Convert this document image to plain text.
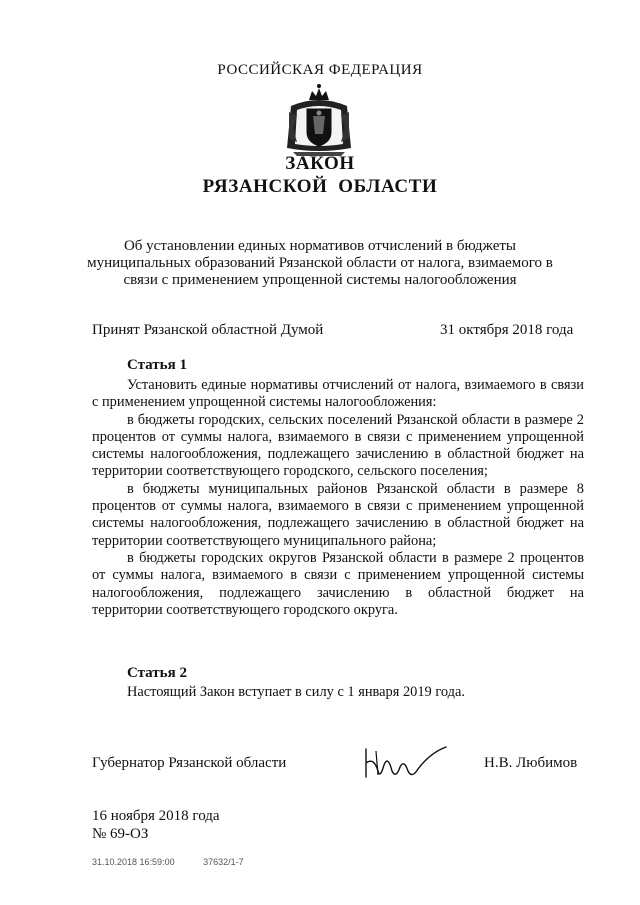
РОССИЙСКАЯ ФЕДЕРАЦИЯ
ЗАКОН
РЯЗАНСКОЙ  ОБЛАСТИ
Об установлении единых нормативов отчислений в бюджеты
муниципальных образований Рязанской области от налога, взимаемого в
связи с применением упрощенной системы налогообложения
Принят Рязанской областной Думой	31 октября 2018 года
Статья 1

Установить единые нормативы отчислений от налога, взимаемого в связи с применением упрощенной системы налогообложения:

в бюджеты городских, сельских поселений Рязанской области в размере 2 процентов от суммы налога, взимаемого в связи с применением упрощенной системы налогообложения, подлежащего зачислению в областной бюджет на территории соответствующего городского, сельского поселения;

в бюджеты муниципальных районов Рязанской области в размере 8 процентов от суммы налога, взимаемого в связи с применением упрощенной системы налогообложения, подлежащего зачислению в областной бюджет на территории соответствующего муниципального района;

в бюджеты городских округов Рязанской области в размере 2 процентов от суммы налога, взимаемого в связи с применением упрощенной системы налогообложения, подлежащего зачислению в областной бюджет на территории соответствующего городского округа.

Статья 2
Настоящий Закон вступает в силу с 1 января 2019 года.
Губернатор Рязанской области	Н.В. Любимов
16 ноября 2018 года
№ 69-ОЗ
31.10.2018 16:59:00	37632/1-7
